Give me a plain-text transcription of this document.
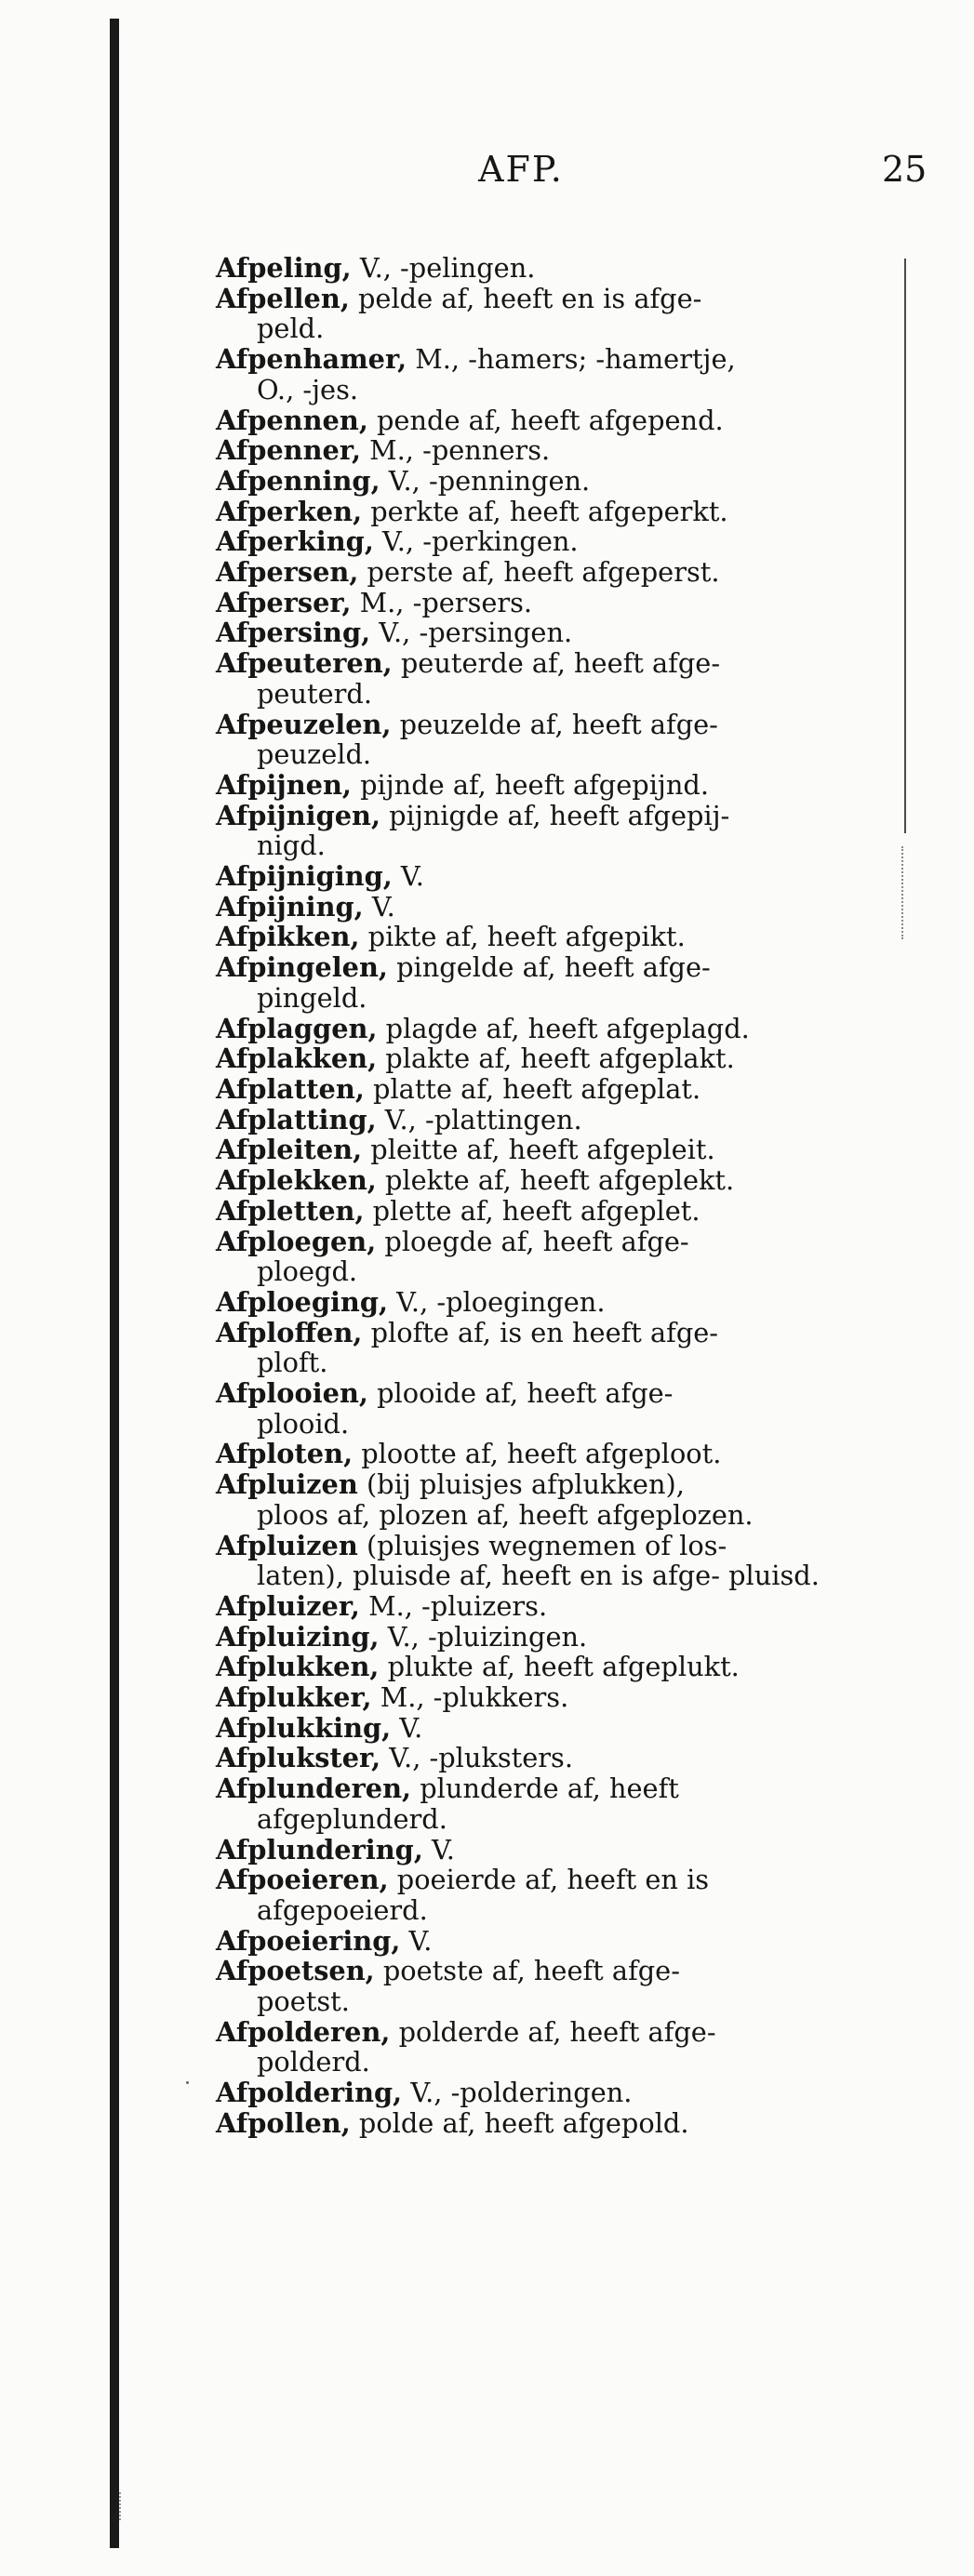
AFP.	25
Afpeling, V., -pelingen.
Afpellen, pelde af, heeft en is afge-
peld.
Afpenhamer, M., -hamers; -hamertje,
O., -jes.
Afpennen, pende af, heeft afgepend.
Afpenner, M., -penners.
Afpenning, V., -penningen.
Afperken, perkte af, heeft afgeperkt.
Afperking, V., -perkingen.
Afpersen, perste af, heeft afgeperst.
Afperser, M., -persers.
Afpersing, V., -persingen.
Afpeuteren, peuterde af, heeft afge-
peuterd.
Afpeuzelen, peuzelde af, heeft afge-
peuzeld.
Afpijnen, pijnde af, heeft afgepijnd.
Afpijnigen, pijnigde af, heeft afgepij-
nigd.
Afpijniging, V.
Afpijning, V.
Afpikken, pikte af, heeft afgepikt.
Afpingelen, pingelde af, heeft afge-
pingeld.
Afplaggen, plagde af, heeft afgeplagd.
Afplakken, plakte af, heeft afgeplakt.
Afplatten, platte af, heeft afgeplat.
Afplatting, V., -plattingen.
Afpleiten, pleitte af, heeft afgepleit.
Afplekken, plekte af, heeft afgeplekt.
Afpletten, plette af, heeft afgeplet.
Afploegen, ploegde af, heeft afge-
ploegd.
Afploeging, V., -ploegingen.
Afploffen, plofte af, is en heeft afge-
ploft.
Afplooien, plooide af, heeft afge-
plooid.
Afploten, plootte af, heeft afgeploot.
Afpluizen (bij pluisjes afplukken),
ploos af, plozen af, heeft afgeplozen.
Afpluizen (pluisjes wegnemen of los-
laten), pluisde af, heeft en is afge- pluisd.
Afpluizer, M., -pluizers.
Afpluizing, V., -pluizingen.
Afplukken, plukte af, heeft afgeplukt.
Afplukker, M., -plukkers.
Afplukking, V.
Afplukster, V., -pluksters.
Afplunderen, plunderde af, heeft
afgeplunderd.
Afplundering, V.
Afpoeieren, poeierde af, heeft en is
afgepoeierd.
Afpoeiering, V.
Afpoetsen, poetste af, heeft afge-
poetst.
Afpolderen, polderde af, heeft afge-
polderd.
Afpoldering, V., -polderingen.
Afpollen, polde af, heeft afgepold.
